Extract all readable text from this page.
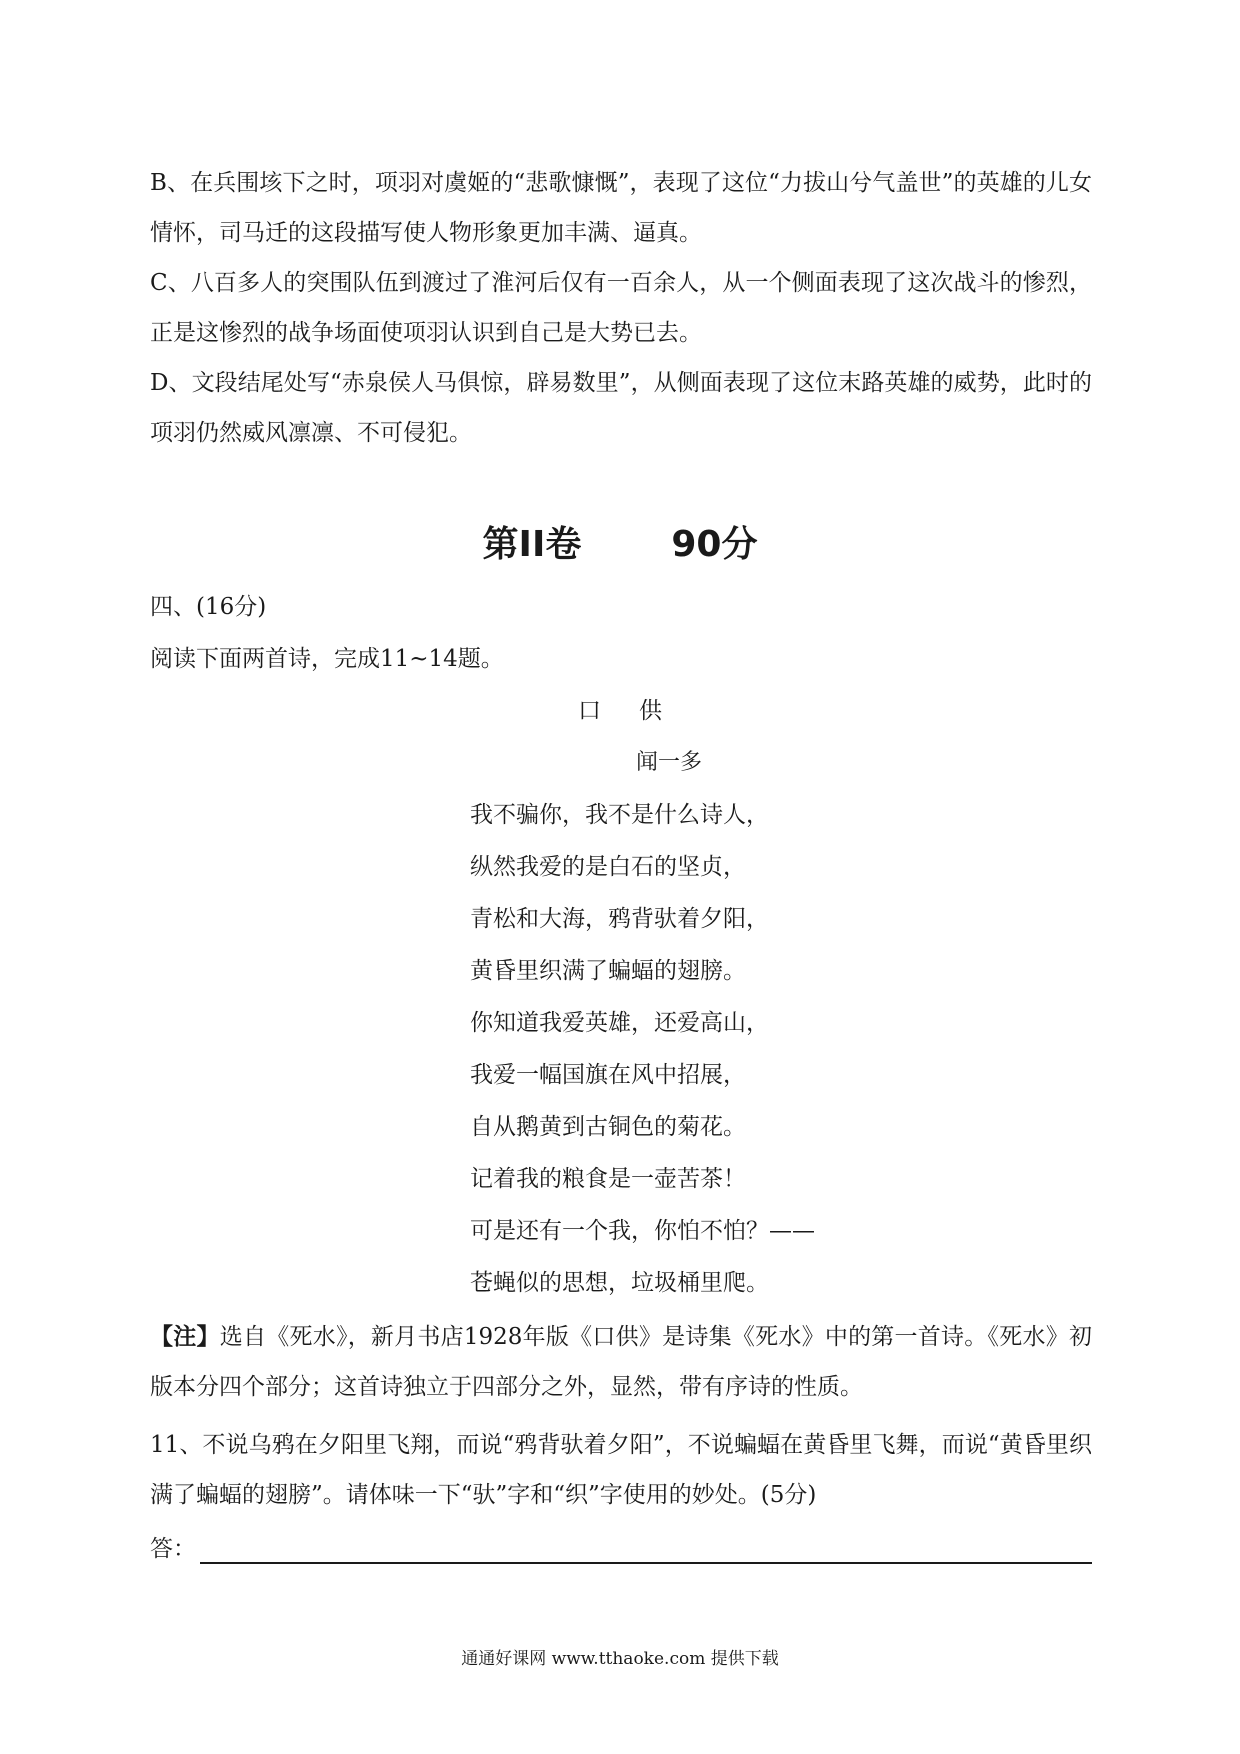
B、在兵围垓下之时，项羽对虞姬的“悲歌慷慨”，表现了这位“力拔山兮气盖世”的英雄的儿女情怀，司马迁的这段描写使人物形象更加丰满、逼真。

C、八百多人的突围队伍到渡过了淮河后仅有一百余人，从一个侧面表现了这次战斗的惨烈，正是这惨烈的战争场面使项羽认识到自己是大势已去。

D、文段结尾处写“赤泉侯人马俱惊，辟易数里”，从侧面表现了这位末路英雄的威势，此时的项羽仍然威风凛凛、不可侵犯。

第II卷	90分
四、(16分)
阅读下面两首诗，完成11~14题。
口供
闻一多
我不骗你，我不是什么诗人，
纵然我爱的是白石的坚贞，
青松和大海，鸦背驮着夕阳，
黄昏里织满了蝙蝠的翅膀。
你知道我爱英雄，还爱高山，
我爱一幅国旗在风中招展，
自从鹅黄到古铜色的菊花。
记着我的粮食是一壶苦茶！
可是还有一个我，你怕不怕？——
苍蝇似的思想，垃圾桶里爬。

【注】选自《死水》，新月书店1928年版《口供》是诗集《死水》中的第一首诗。《死水》初版本分四个部分；这首诗独立于四部分之外，显然，带有序诗的性质。

11、不说乌鸦在夕阳里飞翔，而说“鸦背驮着夕阳”，不说蝙蝠在黄昏里飞舞，而说“黄昏里织满了蝙蝠的翅膀”。请体味一下“驮”字和“织”字使用的妙处。(5分)

答：
通通好课网 www.tthaoke.com 提供下载
